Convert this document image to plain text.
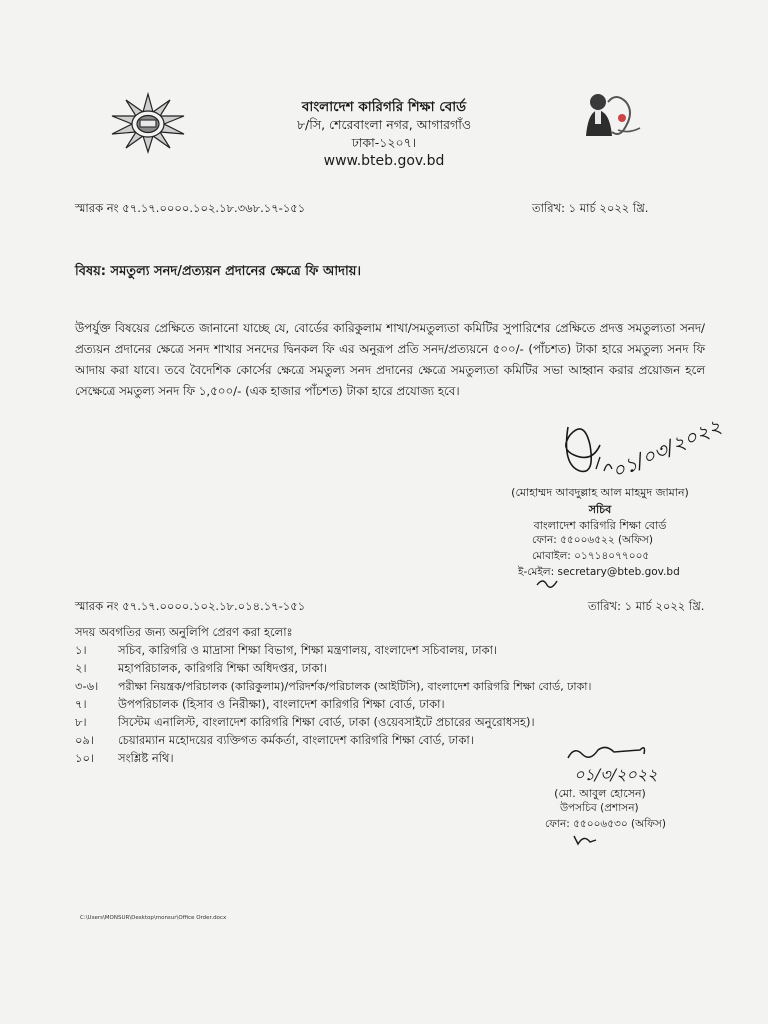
বাংলাদেশ কারিগরি শিক্ষা বোর্ড
৮/সি, শেরেবাংলা নগর, আগারগাঁও
ঢাকা-১২০৭।
www.bteb.gov.bd
স্মারক নং ৫৭.১৭.০০০০.১০২.১৮.৩৬৮.১৭-১৫১	তারিখ: ১ মার্চ ২০২২ খ্রি.
বিষয়: সমতুল্য সনদ/প্রত্যয়ন প্রদানের ক্ষেত্রে ফি আদায়।
উপর্যুক্ত বিষয়ের প্রেক্ষিতে জানানো যাচ্ছে যে, বোর্ডের কারিকুলাম শাখা/সমতুল্যতা কমিটির সুপারিশের প্রেক্ষিতে প্রদত্ত সমতুল্যতা সনদ/প্রত্যয়ন প্রদানের ক্ষেত্রে সনদ শাখার সনদের দ্বিনকল ফি এর অনুরূপ প্রতি সনদ/প্রত্যয়নে ৫০০/- (পাঁচশত) টাকা হারে সমতুল্য সনদ ফি আদায় করা যাবে। তবে বৈদেশিক কোর্সের ক্ষেত্রে সমতুল্য সনদ প্রদানের ক্ষেত্রে সমতুল্যতা কমিটির সভা আহ্বান করার প্রয়োজন হলে সেক্ষেত্রে সমতুল্য সনদ ফি ১,৫০০/- (এক হাজার পাঁচশত) টাকা হারে প্রযোজ্য হবে।
০১/০৩/২০২২
(মোহাম্মদ আবদুল্লাহ আল মাহমুদ জামান)
সচিব
বাংলাদেশ কারিগরি শিক্ষা বোর্ড
ফোন: ৫৫০০৬৫২২ (অফিস)
মোবাইল: ০১৭১৪০৭৭০০৫
ই-মেইল: secretary@bteb.gov.bd
স্মারক নং ৫৭.১৭.০০০০.১০২.১৮.০১৪.১৭-১৫১	তারিখ: ১ মার্চ ২০২২ খ্রি.
সদয় অবগতির জন্য অনুলিপি প্রেরণ করা হলোঃ
১।	সচিব, কারিগরি ও মাদ্রাসা শিক্ষা বিভাগ, শিক্ষা মন্ত্রণালয়, বাংলাদেশ সচিবালয়, ঢাকা।
২।	মহাপরিচালক, কারিগরি শিক্ষা অধিদপ্তর, ঢাকা।
৩-৬। পরীক্ষা নিয়ন্ত্রক/পরিচালক (কারিকুলাম)/পরিদর্শক/পরিচালক (আইটিসি), বাংলাদেশ কারিগরি শিক্ষা বোর্ড, ঢাকা।
৭।	উপপরিচালক (হিসাব ও নিরীক্ষা), বাংলাদেশ কারিগরি শিক্ষা বোর্ড, ঢাকা।
৮।	সিস্টেম এনালিস্ট, বাংলাদেশ কারিগরি শিক্ষা বোর্ড, ঢাকা (ওয়েবসাইটে প্রচারের অনুরোধসহ)।
০৯। চেয়ারম্যান মহোদয়ের ব্যক্তিগত কর্মকর্তা, বাংলাদেশ কারিগরি শিক্ষা বোর্ড, ঢাকা।
১০। সংশ্লিষ্ট নথি।
০১/৩/২০২২
(মো. আবুল হোসেন)
উপসচিব (প্রশাসন)
ফোন: ৫৫০০৬৫৩০ (অফিস)
C:\Users\MONSUR\Desktop\monsur\Office Order.docx
